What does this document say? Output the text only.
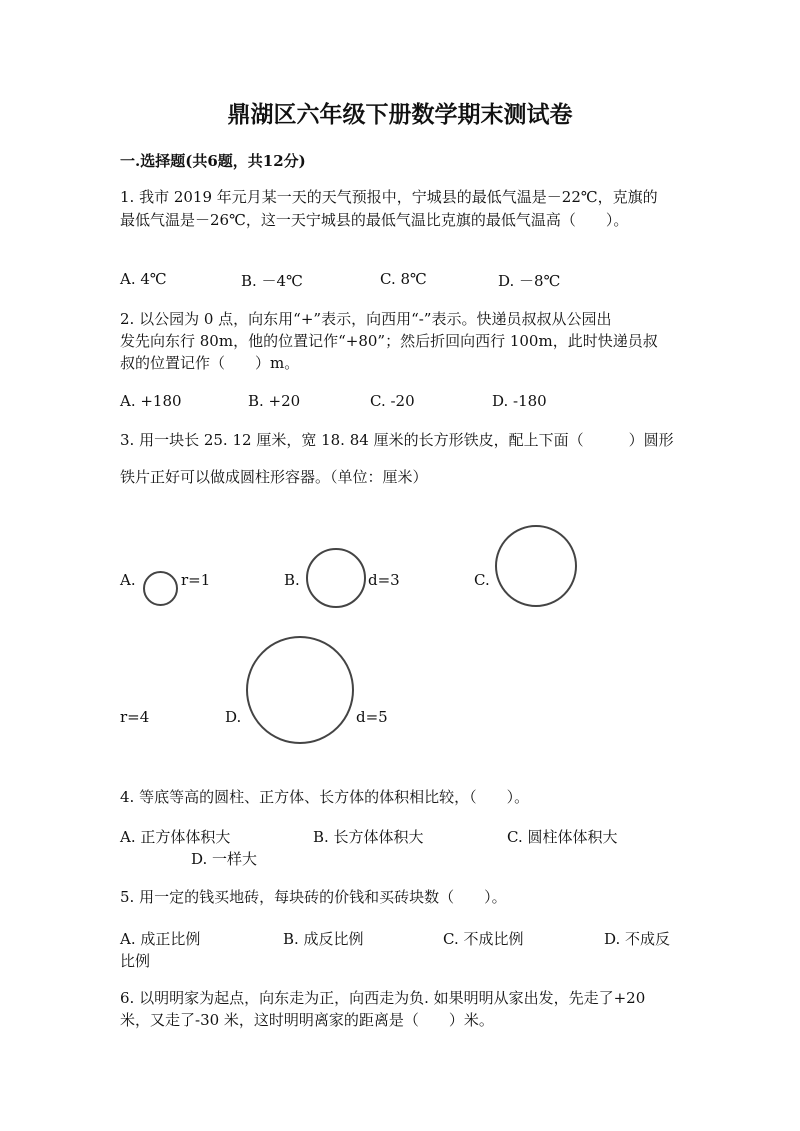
鼎湖区六年级下册数学期末测试卷
一.选择题(共6题，共12分)
1. 我市 2019 年元月某一天的天气预报中，宁城县的最低气温是－22℃，克旗的
最低气温是－26℃，这一天宁城县的最低气温比克旗的最低气温高（　　）。
A. 4℃	B. －4℃	C. 8℃	D. －8℃
2. 以公园为 0 点，向东用“+”表示，向西用“-”表示。快递员叔叔从公园出
发先向东行 80m，他的位置记作“+80”；然后折回向西行 100m，此时快递员叔
叔的位置记作（　　）m。
A. +180	B. +20	C. -20	D. -180
3. 用一块长 25. 12 厘米，宽 18. 84 厘米的长方形铁皮，配上下面（　　　）圆形
铁片正好可以做成圆柱形容器。（单位：厘米）
A.	r=1	B.	d=3	C.
r=4	D.	d=5
4. 等底等高的圆柱、正方体、长方体的体积相比较，（　　）。
A. 正方体体积大	B. 长方体体积大	C. 圆柱体体积大
D. 一样大
5. 用一定的钱买地砖，每块砖的价钱和买砖块数（　　）。
A. 成正比例	B. 成反比例	C. 不成比例	D. 不成反
比例
6. 以明明家为起点，向东走为正，向西走为负. 如果明明从家出发，先走了+20
米，又走了-30 米，这时明明离家的距离是（　　）米。
